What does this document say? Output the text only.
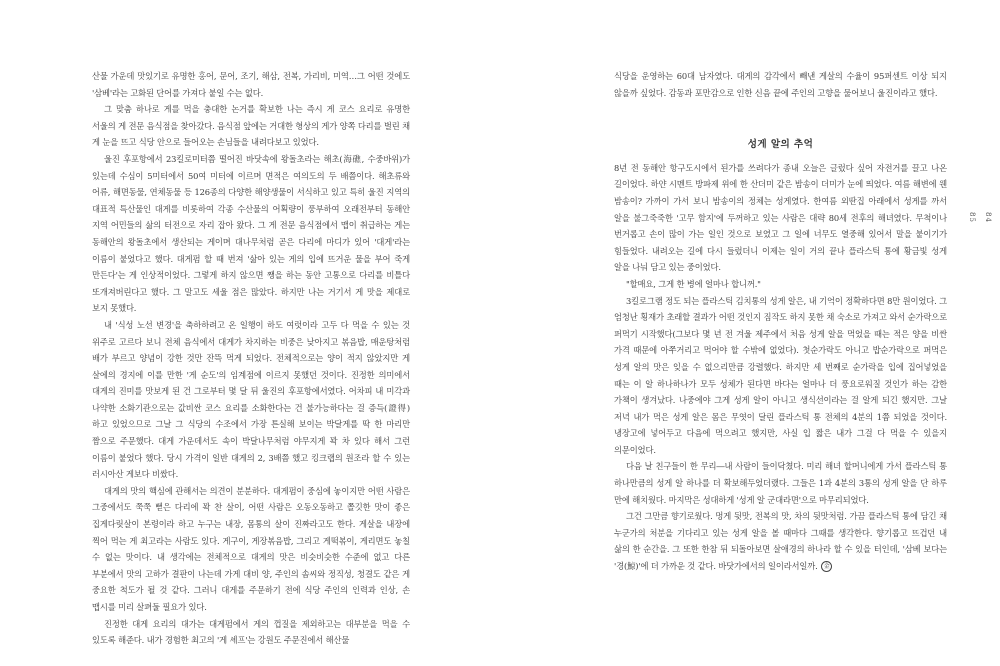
산물 가운데 맛있기로 유명한 홍어, 문어, 조기, 해삼, 전복, 가리비, 미역…그 어떤 것에도 '삼베'라는 고화된 단어를 가져다 붙일 수는 없다.

그 맞춤 하나로 게를 먹을 충대한 논거를 확보한 나는 즉시 게 코스 요리로 유명한 서울의 게 전문 음식점을 찾아갔다. 음식점 앞에는 거대한 형상의 게가 양쪽 다리를 벌린 채 게 눈을 뜨고 식당 안으로 들어오는 손님들을 내려다보고 있었다.

울진 후포항에서 23킬로미터쯤 떨어진 바닷속에 왕돌초라는 해초(海礁, 수중바위)가 있는데 수심이 5미터에서 50여 미터에 이르며 면적은 여의도의 두 배쯤이다. 해초류와 어류, 해면동물, 연체동물 등 126종의 다양한 해양생물이 서식하고 있고 특히 울진 지역의 대표적 특산물인 대게를 비롯하여 각종 수산물의 어획량이 풍부하여 오래전부터 동해안 지역 어민들의 삶의 터전으로 자리 잡아 왔다. 그 게 전문 음식점에서 맵이 취급하는 게는 동해안의 왕돌초에서 생산되는 게이며 대나무처럼 곧은 다리에 마디가 있어 '대게'라는 이름이 붙었다고 했다. 대게펌 할 때 번져 '삶아 있는 게의 입에 뜨거운 물을 부어 죽게 만든다'는 게 인상적이었다. 그렇게 하지 않으면 쨍을 하는 동안 고통으로 다리를 비틀다 또개져버린다고 했다. 그 말고도 세울 점은 많았다. 하지만 나는 거기서 게 맛을 제대로 보지 못했다.

내 '식성 노선 변경'을 축하하려고 온 일행이 하도 여럿이라 고두 다 먹을 수 있는 것 위주로 고르다 보니 전체 음식에서 대게가 차지하는 비중은 낮아지고 볶음밥, 매운탕처럼 배가 부르고 양념이 강한 것만 잔뜩 먹게 되었다. 전체적으로는 양이 적지 않았지만 게 살에의 경지에 이를 만한 '게 순도'의 임계점에 이르지 못했던 것이다. 진정한 의미에서 대게의 진미를 맛보게 된 건 그로부터 몇 달 뒤 울진의 후포항에서였다. 어차피 내 미각과 나약한 소화기관으로는 값비싼 코스 요리를 소화한다는 건 불가능하다는 걸 증득(證得)하고 있었으므로 그날 그 식당의 수조에서 가장 튼실해 보이는 박달게를 딱 한 마리만 짬으로 주문했다. 대게 가운데서도 속이 박달나무처럼 야무지게 꽉 차 있다 해서 그런 이름이 붙었다 했다. 당시 가격이 일반 대게의 2, 3배쯤 했고 킹크랩의 원조라 할 수 있는 러시아산 게보다 비쌌다.

대게의 맛의 핵심에 관해서는 의견이 분분하다. 대게펌이 중심에 놓이지만 어떤 사람은 그중에서도 쭉쭉 뻗은 다리에 꽉 찬 살이, 어떤 사람은 오동오동하고 쫄깃한 맛이 좋은 집게다릿살이 본령이라 하고 누구는 내장, 몸통의 살이 진짜라고도 한다. 게살을 내장에 찍어 먹는 게 최고라는 사람도 있다. 게구이, 게장볶음밥, 그리고 게떡볶이, 게리면도 놓칠 수 없는 맛이다. 내 생각에는 전체적으로 대게의 맛은 비슷비슷한 수준에 없고 다른 부분에서 맛의 고하가 결판이 나는데 가게 대비 양, 주인의 솜씨와 정직성, 청결도 같은 게 중요한 척도가 될 것 같다. 그러니 대게를 주문하기 전에 식당 주인의 인력과 인상, 손 맵시를 미리 살펴둘 필요가 있다.

진정한 대게 요리의 대가는 대게펌에서 게의 껍질을 제외하고는 대부분을 먹을 수 있도록 해준다. 내가 경험한 최고의 '게 셰프'는 강원도 주문진에서 해산물

식당을 운영하는 60대 남자였다. 대게의 감각에서 빼낸 게살의 수율이 95퍼센트 이상 되지 않을까 싶었다. 감동과 포만감으로 인한 신음 끝에 주인의 고향을 물어보니 울진이라고 했다.

성게 알의 추억

8년 전 동해안 항구도시에서 된가를 쓰려다가 종내 오늘은 글렀다 싶어 자전거를 끌고 나온 길이었다. 하얀 시멘트 방파제 위에 한 산더미 같은 밤송이 더미가 눈에 띄었다. 여름 해변에 웬 밤송이? 가까이 가서 보니 밤송이의 정체는 성게였다. 한여름 외딴집 아래에서 성게를 까서 알을 불그죽죽한 '고무 함지'에 두꺼하고 있는 사람은 대략 80세 전후의 해녀였다. 무척이나 번거롭고 손이 많이 가는 일인 것으로 보였고 그 일에 너무도 열중해 있어서 말을 붙이기가 힘들었다. 내려오는 길에 다시 들렀더니 이제는 일이 거의 끝나 플라스틱 통에 황금빛 성게 알을 나눠 담고 있는 중이었다.

"할매요, 그게 한 병에 얼마나 합니꺼."

3킬로그램 정도 되는 플라스틱 김치통의 성게 알은, 내 기억이 정확하다면 8만 원이었다. 그 엄청난 횡재가 초래할 결과가 어떤 것인지 짐작도 하지 못한 채 숙소로 가져고 와서 순가락으로 퍼먹기 시작했다(그보다 몇 년 전 겨울 제주에서 처음 성게 알을 먹었을 때는 적은 양을 비싼 가격 때문에 아쭈거리고 먹어야 할 수밖에 없었다). 첫순가락도 아니고 밥순가락으로 퍼먹은 성게 알의 맛은 잊을 수 없으리만큼 강렬했다. 하지만 세 번째로 순가락을 입에 집어넣었을 때는 이 알 하나하나가 모두 성체가 된다면 바다는 얼마나 더 풍요로워질 것인가 하는 감한 가책이 생겨났다. 나중에야 그게 성게 알이 아니고 생식선이라는 걸 알게 되긴 했지만. 그날 저녁 내가 먹은 성게 알은 몸은 무엿이 달린 플라스틱 통 전체의 4분의 1쯤 되었을 것이다. 냉장고에 넣어두고 다음에 먹으려고 했지만, 사실 입 짧은 내가 그걸 다 먹을 수 있을지 의문이었다.

다음 날 친구들이 한 무리―내 사람이 들이닥쳤다. 미리 해녀 할머니에게 가서 플라스틱 통 하나만큼의 성게 알 하나를 더 확보해두었더랬다. 그들은 1과 4분의 3통의 성게 알을 단 하루 만에 해치웠다. 마지막은 성대하게 '성게 알 군대라면'으로 마무리되었다.

그건 그만큼 향기로웠다. 멍게 뒷맛, 전복의 맛, 차의 뒷맛처럼. 가끔 플라스틱 통에 담긴 채 누군가의 처분을 기다리고 있는 성게 알을 볼 때마다 그때를 생각한다. 향기롭고 뜨겁던 내 삶의 한 순간을. 그 또한 한참 뒤 되돌아보면 살애경의 하나라 할 수 있을 터인데, '삼베 보다는 '경(鯨)'에 더 가까운 것 같다. 바닷가에서의 일이라서일까. 金

84
85
